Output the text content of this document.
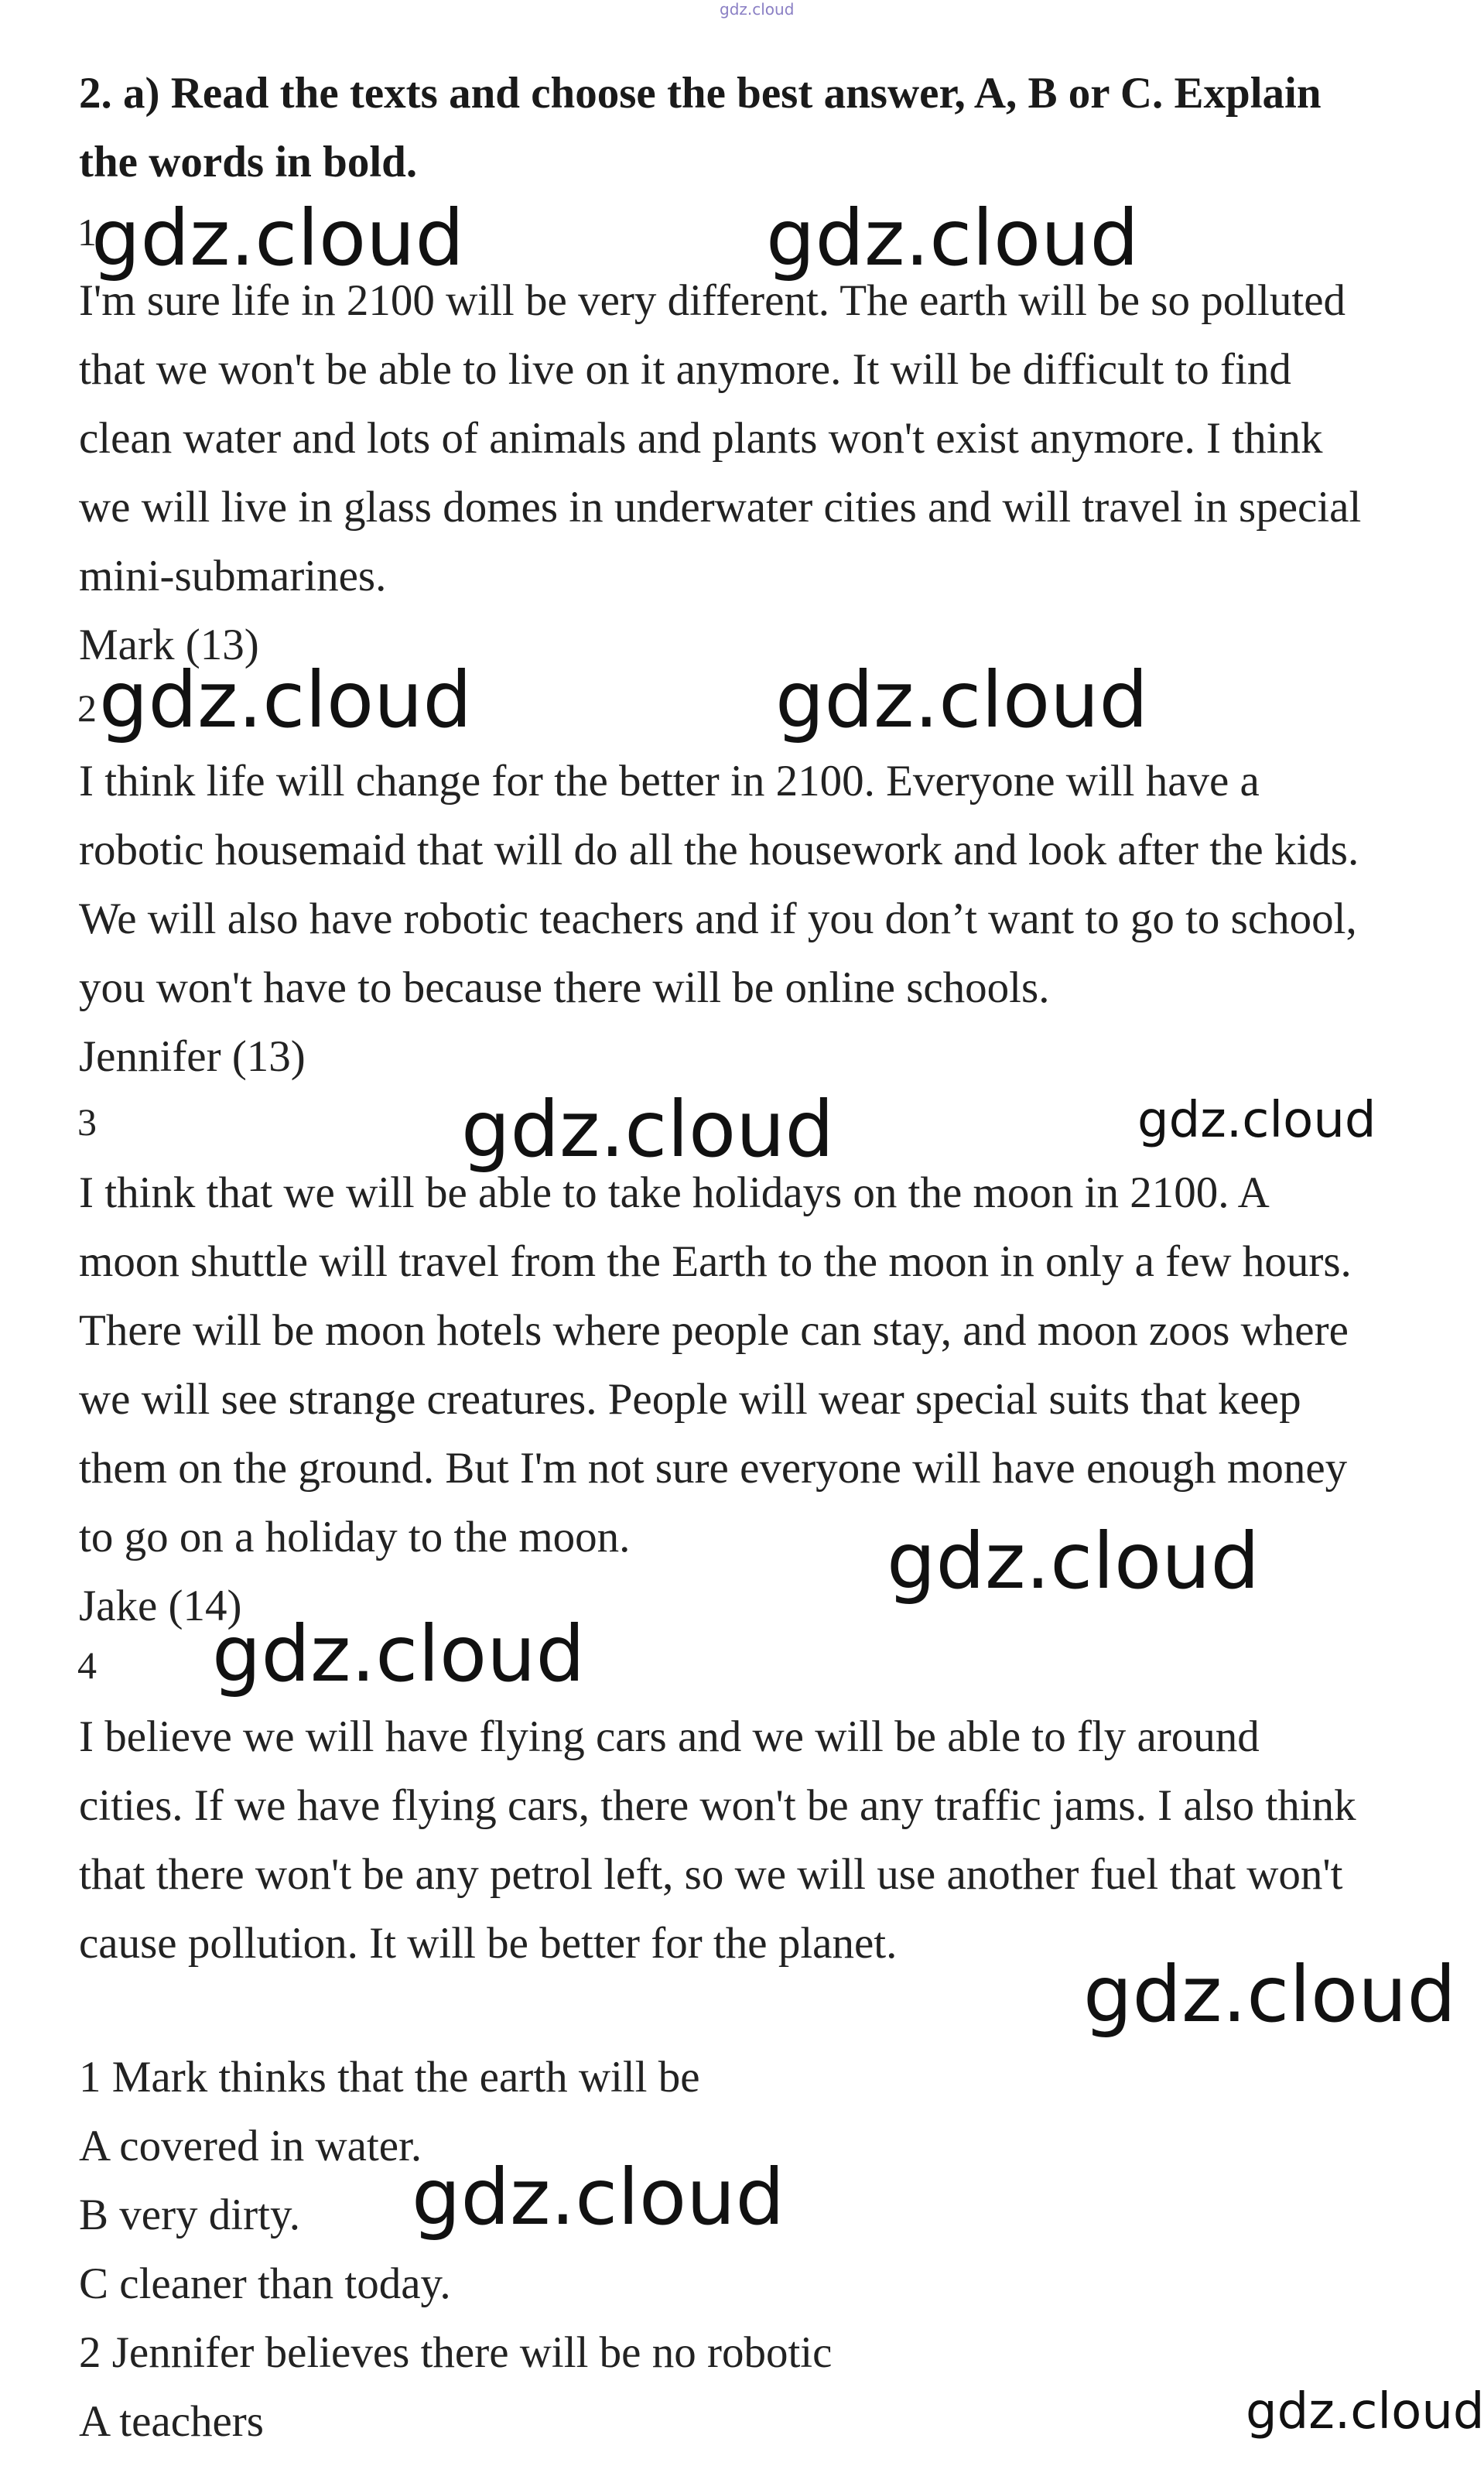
gdz.cloud

2. a) Read the texts and choose the best answer, A, B or C. Explain

the words in bold.

1
gdz.cloud	gdz.cloud

I'm sure life in 2100 will be very different. The earth will be so polluted

that we won't be able to live on it anymore. It will be difficult to find

clean water and lots of animals and plants won't exist anymore. I think

we will live in glass domes in underwater cities and will travel in special

mini-submarines.

Mark (13)

2 gdz.cloud	gdz.cloud

I think life will change for the better in 2100. Everyone will have a

robotic housemaid that will do all the housework and look after the kids.

We will also have robotic teachers and if you don’t want to go to school,

you won't have to because there will be online schools.

Jennifer (13)

3	gdz.cloud	gdz.cloud

I think that we will be able to take holidays on the moon in 2100. A

moon shuttle will travel from the Earth to the moon in only a few hours.

There will be moon hotels where people can stay, and moon zoos where

we will see strange creatures. People will wear special suits that keep

them on the ground. But I'm not sure everyone will have enough money

to go on a holiday to the moon.	gdz.cloud

Jake (14)

4 gdz.cloud

I believe we will have flying cars and we will be able to fly around

cities. If we have flying cars, there won't be any traffic jams. I also think

that there won't be any petrol left, so we will use another fuel that won't

cause pollution. It will be better for the planet.

gdz.cloud

1 Mark thinks that the earth will be

A covered in water.

gdz.cloud

B very dirty.

C cleaner than today.

2 Jennifer believes there will be no robotic

gdz.cloud

A teachers
